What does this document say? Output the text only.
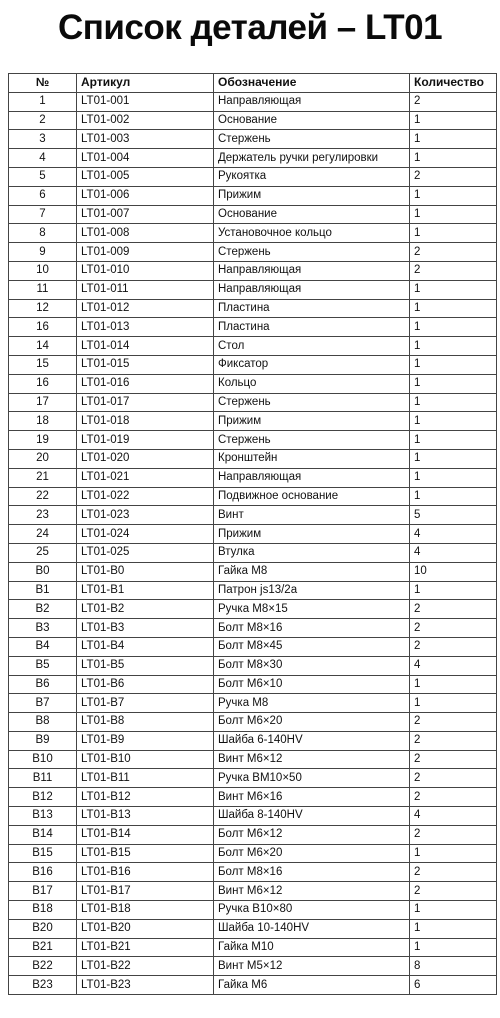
Список деталей – LT01
№	Артикул	Обозначение	Количество
1	LT01-001	Направляющая	2
2	LT01-002	Основание	1
3	LT01-003	Стержень	1
4	LT01-004	Держатель ручки регулировки	1
5	LT01-005	Рукоятка	2
6	LT01-006	Прижим	1
7	LT01-007	Основание	1
8	LT01-008	Установочное кольцо	1
9	LT01-009	Стержень	2
10	LT01-010	Направляющая	2
11	LT01-011	Направляющая	1
12	LT01-012	Пластина	1
16	LT01-013	Пластина	1
14	LT01-014	Стол	1
15	LT01-015	Фиксатор	1
16	LT01-016	Кольцо	1
17	LT01-017	Стержень	1
18	LT01-018	Прижим	1
19	LT01-019	Стержень	1
20	LT01-020	Кронштейн	1
21	LT01-021	Направляющая	1
22	LT01-022	Подвижное основание	1
23	LT01-023	Винт	5
24	LT01-024	Прижим	4
25	LT01-025	Втулка	4
B0	LT01-B0	Гайка M8	10
B1	LT01-B1	Патрон js13/2a	1
B2	LT01-B2	Ручка M8×15	2
B3	LT01-B3	Болт M8×16	2
B4	LT01-B4	Болт M8×45	2
B5	LT01-B5	Болт M8×30	4
B6	LT01-B6	Болт M6×10	1
B7	LT01-B7	Ручка M8	1
B8	LT01-B8	Болт M6×20	2
B9	LT01-B9	Шайба 6-140HV	2
B10	LT01-B10	Винт M6×12	2
B11	LT01-B11	Ручка BM10×50	2
B12	LT01-B12	Винт M6×16	2
B13	LT01-B13	Шайба 8-140HV	4
B14	LT01-B14	Болт M6×12	2
B15	LT01-B15	Болт M6×20	1
B16	LT01-B16	Болт M8×16	2
B17	LT01-B17	Винт M6×12	2
B18	LT01-B18	Ручка B10×80	1
B20	LT01-B20	Шайба 10-140HV	1
B21	LT01-B21	Гайка M10	1
B22	LT01-B22	Винт M5×12	8
B23	LT01-B23	Гайка M6	6
